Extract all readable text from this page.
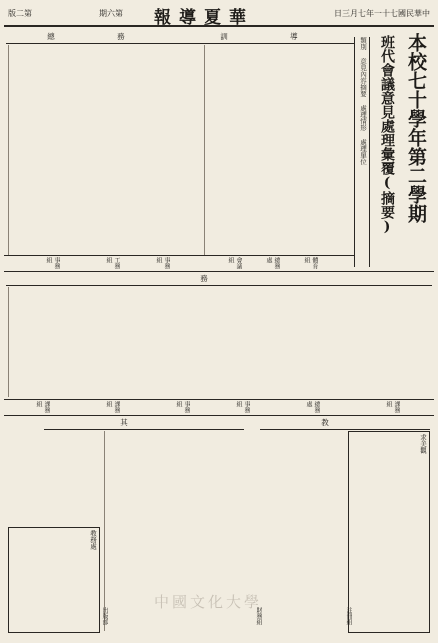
版二第	期六第 報導夏華	日三月七年一十七國民華中
本校七十學年第二學期
班代會議意見處理彙覆(摘要)
類別 意見內容摘要 處理情形 處理單位
訓 導
總 務
體育組
總務處
會議組
事務組
工務組
事務組
務
課務組
總務處
事務組
事務組
課務組
課務組
教
其
求美觀
教務處
註冊組
財務組
出版部
中國文化大學
